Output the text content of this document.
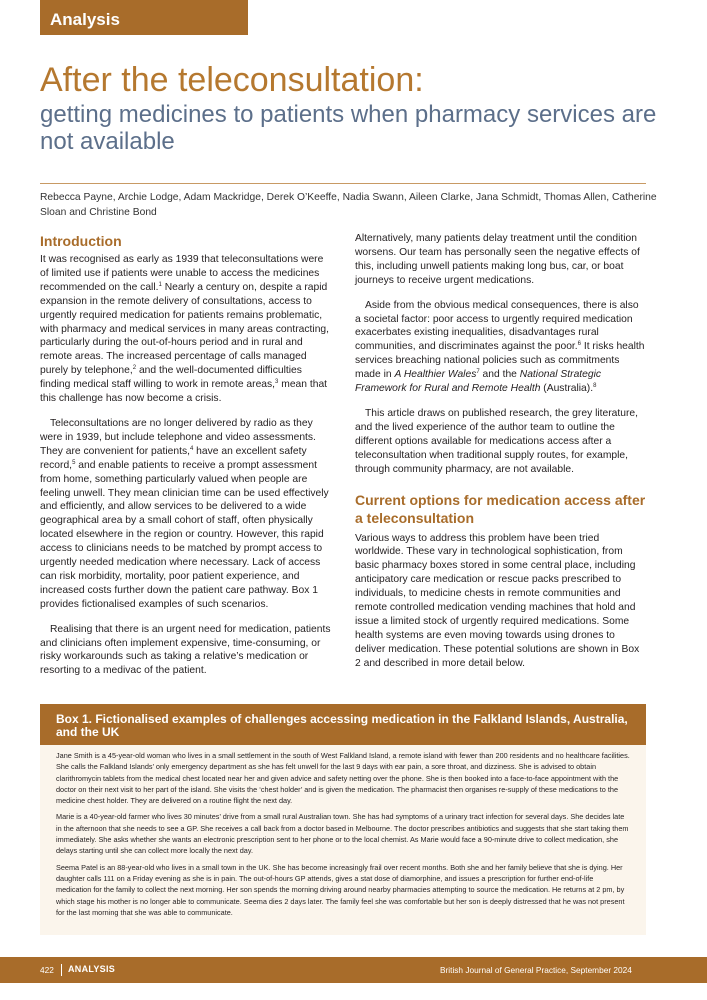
Analysis
After the teleconsultation:
getting medicines to patients when pharmacy services are not available
Rebecca Payne, Archie Lodge, Adam Mackridge, Derek O’Keeffe, Nadia Swann, Aileen Clarke, Jana Schmidt, Thomas Allen, Catherine Sloan and Christine Bond
Introduction

It was recognised as early as 1939 that teleconsultations were of limited use if patients were unable to access the medicines recommended on the call.$^1$ Nearly a century on, despite a rapid expansion in the remote delivery of consultations, access to urgently required medication for patients remains problematic, with pharmacy and medical services in many areas contracting, particularly during the out-of-hours period and in rural and remote areas. The increased percentage of calls managed purely by telephone,$^2$ and the well-documented difficulties finding medical staff willing to work in remote areas,$^3$ mean that this challenge has now become a crisis.

Teleconsultations are no longer delivered by radio as they were in 1939, but include telephone and video assessments. They are convenient for patients,$^4$ have an excellent safety record,$^5$ and enable patients to receive a prompt assessment from home, something particularly valued when people are feeling unwell. They mean clinician time can be used effectively and efficiently, and allow services to be delivered to a wide geographical area by a small cohort of staff, often physically located elsewhere in the region or country. However, this rapid access to clinicians needs to be matched by prompt access to urgently needed medication where necessary. Lack of access can risk morbidity, mortality, poor patient experience, and increased costs further down the patient care pathway. Box 1 provides fictionalised examples of such scenarios.

Realising that there is an urgent need for medication, patients and clinicians often implement expensive, time-consuming, or risky workarounds such as taking a relative’s medication or resorting to a medivac of the patient.

Alternatively, many patients delay treatment until the condition worsens. Our team has personally seen the negative effects of this, including unwell patients making long bus, car, or boat journeys to receive urgent medications.

Aside from the obvious medical consequences, there is also a societal factor: poor access to urgently required medication exacerbates existing inequalities, disadvantages rural communities, and discriminates against the poor.$^6$ It risks health services breaching national policies such as commitments made in A Healthier Wales$^7$ and the National Strategic Framework for Rural and Remote Health (Australia).$^8$

This article draws on published research, the grey literature, and the lived experience of the author team to outline the different options available for medications access after a teleconsultation when traditional supply routes, for example, through community pharmacy, are not available.

Current options for medication access after a teleconsultation

Various ways to address this problem have been tried worldwide. These vary in technological sophistication, from basic pharmacy boxes stored in some central place, including anticipatory care medication or rescue packs prescribed to individuals, to medicine chests in remote communities and remote controlled medication vending machines that hold and issue a limited stock of urgently required medications. Some health systems are even moving towards using drones to deliver medication. These potential solutions are shown in Box 2 and described in more detail below.

Box 1. Fictionalised examples of challenges accessing medication in the Falkland Islands, Australia, and the UK

Jane Smith is a 45-year-old woman who lives in a small settlement in the south of West Falkland Island, a remote island with fewer than 200 residents and no healthcare facilities. She calls the Falkland Islands’ only emergency department as she has felt unwell for the last 9 days with ear pain, a sore throat, and dizziness. She is advised to obtain clarithromycin tablets from the medical chest located near her and given advice and safety netting over the phone. She is then booked into a face-to-face appointment with the doctor on their next visit to her part of the island. She visits the ‘chest holder’ and is given the medication. The pharmacist then organises re-supply of these medications to the medicine chest holder. They are delivered on a routine flight the next day.

Marie is a 40-year-old farmer who lives 30 minutes’ drive from a small rural Australian town. She has had symptoms of a urinary tract infection for several days. She decides late in the afternoon that she needs to see a GP. She receives a call back from a doctor based in Melbourne. The doctor prescribes antibiotics and suggests that she start taking them immediately. She asks whether she wants an electronic prescription sent to her phone or to the local chemist. As Marie would face a 90-minute drive to collect medication, she delays starting until she can collect more locally the next day.

Seema Patel is an 88-year-old who lives in a small town in the UK. She has become increasingly frail over recent months. Both she and her family believe that she is dying. Her daughter calls 111 on a Friday evening as she is in pain. The out-of-hours GP attends, gives a stat dose of diamorphine, and issues a prescription for further end-of-life medication for the family to collect the next morning. Her son spends the morning driving around nearby pharmacies attempting to source the medication. He returns at 2 pm, by which stage his mother is no longer able to communicate. Seema dies 2 days later. The family feel she was comfortable but her son is deeply distressed that he was not present for the last morning that she was able to communicate.

422 ANALYSIS	British Journal of General Practice, September 2024
